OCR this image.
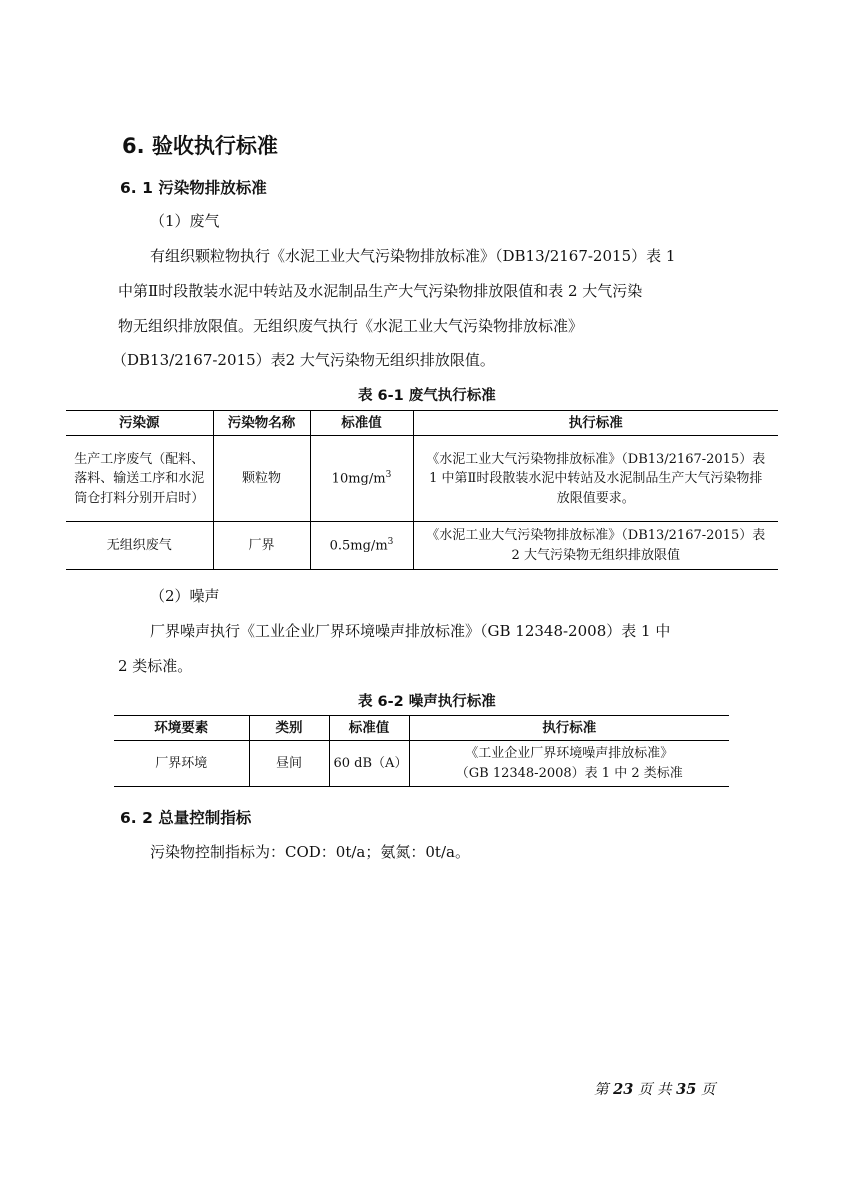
6. 验收执行标准
6. 1 污染物排放标准
（1）废气
有组织颗粒物执行《水泥工业大气污染物排放标准》（DB13/2167-2015）表 1
中第Ⅱ时段散装水泥中转站及水泥制品生产大气污染物排放限值和表 2 大气污染
物无组织排放限值。无组织废气执行《水泥工业大气污染物排放标准》
（DB13/2167-2015）表2 大气污染物无组织排放限值。
表 6-1 废气执行标准
污染源	污染物名称	标准值	执行标准
生产工序废气（配料、落料、输送工序和水泥筒仓打料分别开启时）	颗粒物	$10mg/m^3$	《水泥工业大气污染物排放标准》（DB13/2167-2015）表 1 中第Ⅱ时段散装水泥中转站及水泥制品生产大气污染物排放限值要求。
无组织废气	厂界	$0.5mg/m^3$	《水泥工业大气污染物排放标准》（DB13/2167-2015）表 2 大气污染物无组织排放限值
（2）噪声
厂界噪声执行《工业企业厂界环境噪声排放标准》（GB 12348-2008）表 1 中
2 类标准。
表 6-2 噪声执行标准
环境要素	类别	标准值	执行标准
厂界环境	昼间	60 dB（A）	《工业企业厂界环境噪声排放标准》
（GB 12348-2008）表 1 中 2 类标准
6. 2 总量控制指标
污染物控制指标为：COD：0t/a；氨氮：0t/a。
第 23 页 共 35 页
